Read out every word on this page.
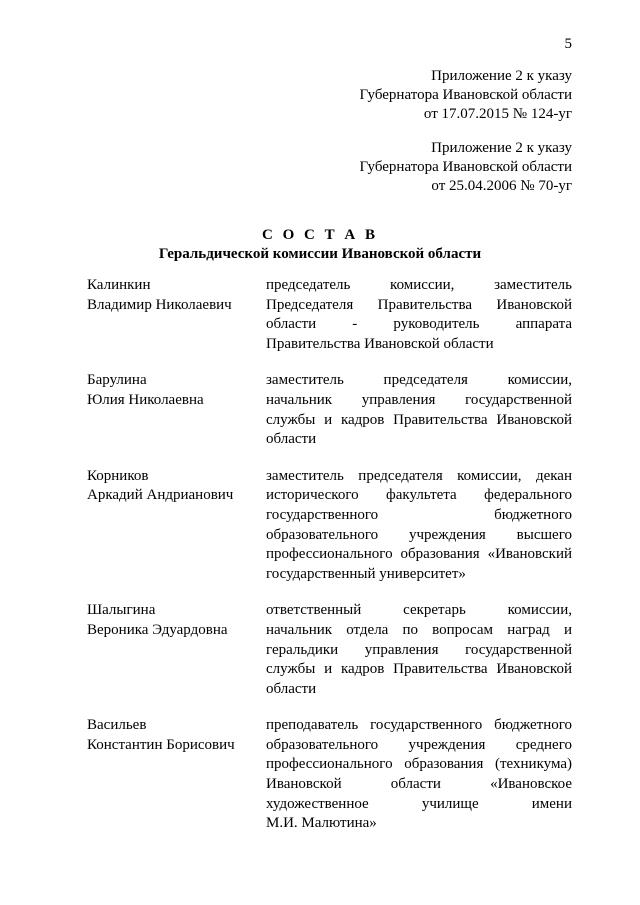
5
Приложение 2 к указу
Губернатора Ивановской области
от 17.07.2015 № 124-уг
Приложение 2 к указу
Губернатора Ивановской области
от 25.04.2006 № 70-уг
С О С Т А В
Геральдической комиссии Ивановской области
Калинкин
Владимир Николаевич
председатель комиссии, заместитель
Председателя Правительства Ивановской
области - руководитель аппарата
Правительства Ивановской области
Барулина
Юлия Николаевна
заместитель председателя комиссии,
начальник управления государственной
службы и кадров Правительства Ивановской
области
Корников
Аркадий Андрианович
заместитель председателя комиссии, декан
исторического факультета федерального
государственного бюджетного
образовательного учреждения высшего
профессионального образования «Ивановский
государственный университет»
Шалыгина
Вероника Эдуардовна
ответственный секретарь комиссии,
начальник отдела по вопросам наград и
геральдики управления государственной
службы и кадров Правительства Ивановской
области
Васильев
Константин Борисович
преподаватель государственного бюджетного
образовательного учреждения среднего
профессионального образования (техникума)
Ивановской области «Ивановское
художественное училище имени
М.И. Малютина»
